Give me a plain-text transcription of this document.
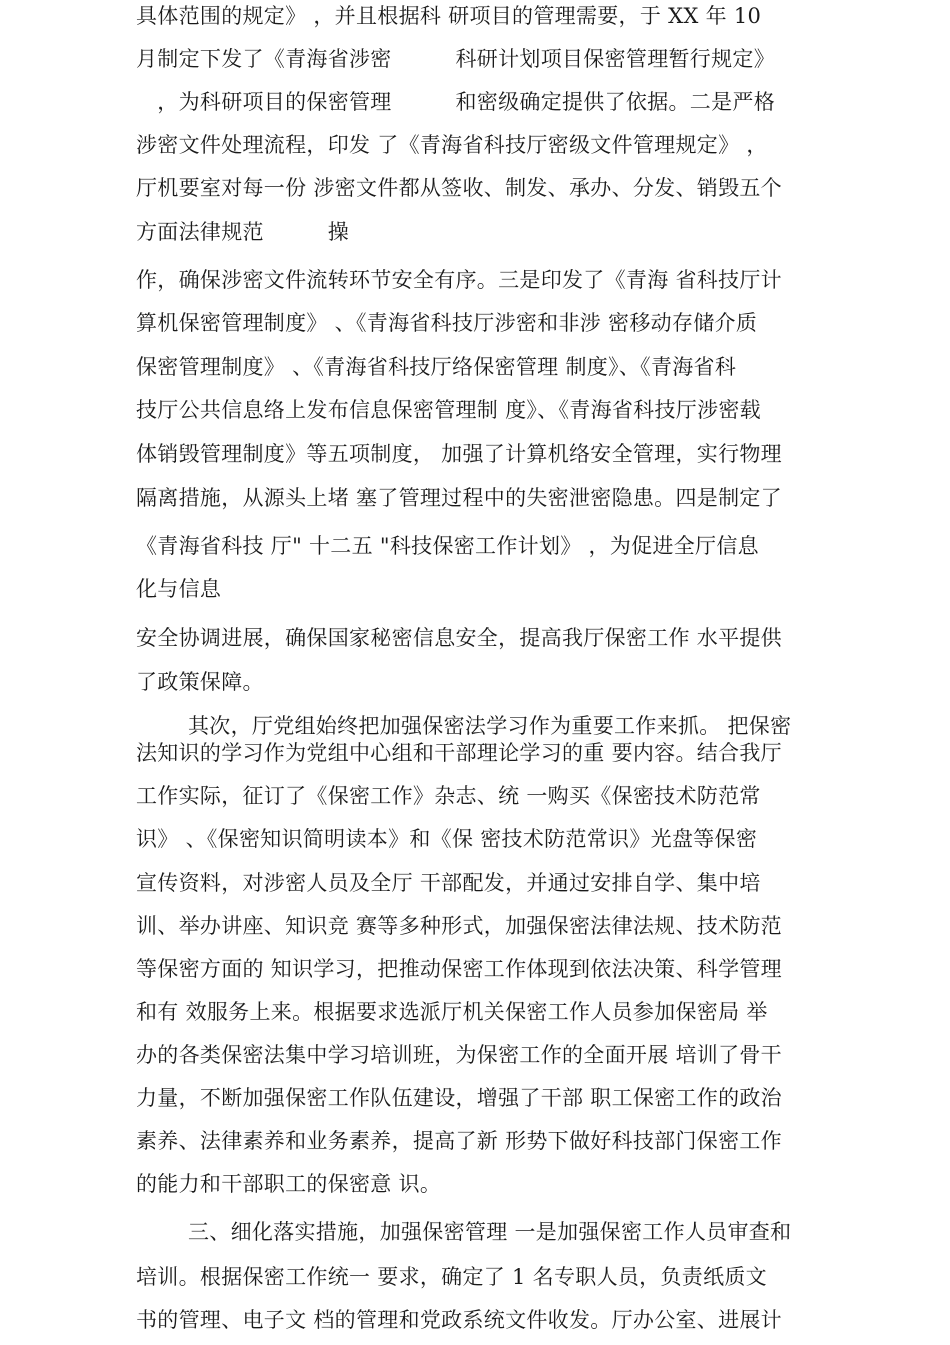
具体范围的规定》 ，并且根据科 研项目的管理需要，于 XX 年 10
月制定下发了《青海省涉密　　　科研计划项目保密管理暂行规定》
　，为科研项目的保密管理　　　和密级确定提供了依据。二是严格
涉密文件处理流程，印发 了《青海省科技厅密级文件管理规定》 ，
厅机要室对每一份 涉密文件都从签收、制发、承办、分发、销毁五个
方面法律规范　　　操
作，确保涉密文件流转环节安全有序。三是印发了《青海 省科技厅计
算机保密管理制度》 、《青海省科技厅涉密和非涉 密移动存储介质
保密管理制度》 、《青海省科技厅络保密管理 制度》、《青海省科
技厅公共信息络上发布信息保密管理制 度》、《青海省科技厅涉密载
体销毁管理制度》等五项制度， 加强了计算机络安全管理，实行物理
隔离措施，从源头上堵 塞了管理过程中的失密泄密隐患。四是制定了
《青海省科技 厅" 十二五 "科技保密工作计划》 ，为促进全厅信息
化与信息
安全协调进展，确保国家秘密信息安全，提高我厅保密工作 水平提供
了政策保障。
其次，厅党组始终把加强保密法学习作为重要工作来抓。 把保密
法知识的学习作为党组中心组和干部理论学习的重 要内容。结合我厅
工作实际，征订了《保密工作》杂志、统 一购买《保密技术防范常
识》 、《保密知识简明读本》和《保 密技术防范常识》光盘等保密
宣传资料，对涉密人员及全厅 干部配发，并通过安排自学、集中培
训、举办讲座、知识竞 赛等多种形式，加强保密法律法规、技术防范
等保密方面的 知识学习，把推动保密工作体现到依法决策、科学管理
和有 效服务上来。根据要求选派厅机关保密工作人员参加保密局 举
办的各类保密法集中学习培训班，为保密工作的全面开展 培训了骨干
力量，不断加强保密工作队伍建设，增强了干部 职工保密工作的政治
素养、法律素养和业务素养，提高了新 形势下做好科技部门保密工作
的能力和干部职工的保密意 识。
三、细化落实措施，加强保密管理 一是加强保密工作人员审查和
培训。根据保密工作统一 要求，确定了 1 名专职人员，负责纸质文
书的管理、电子文 档的管理和党政系统文件收发。厅办公室、进展计
